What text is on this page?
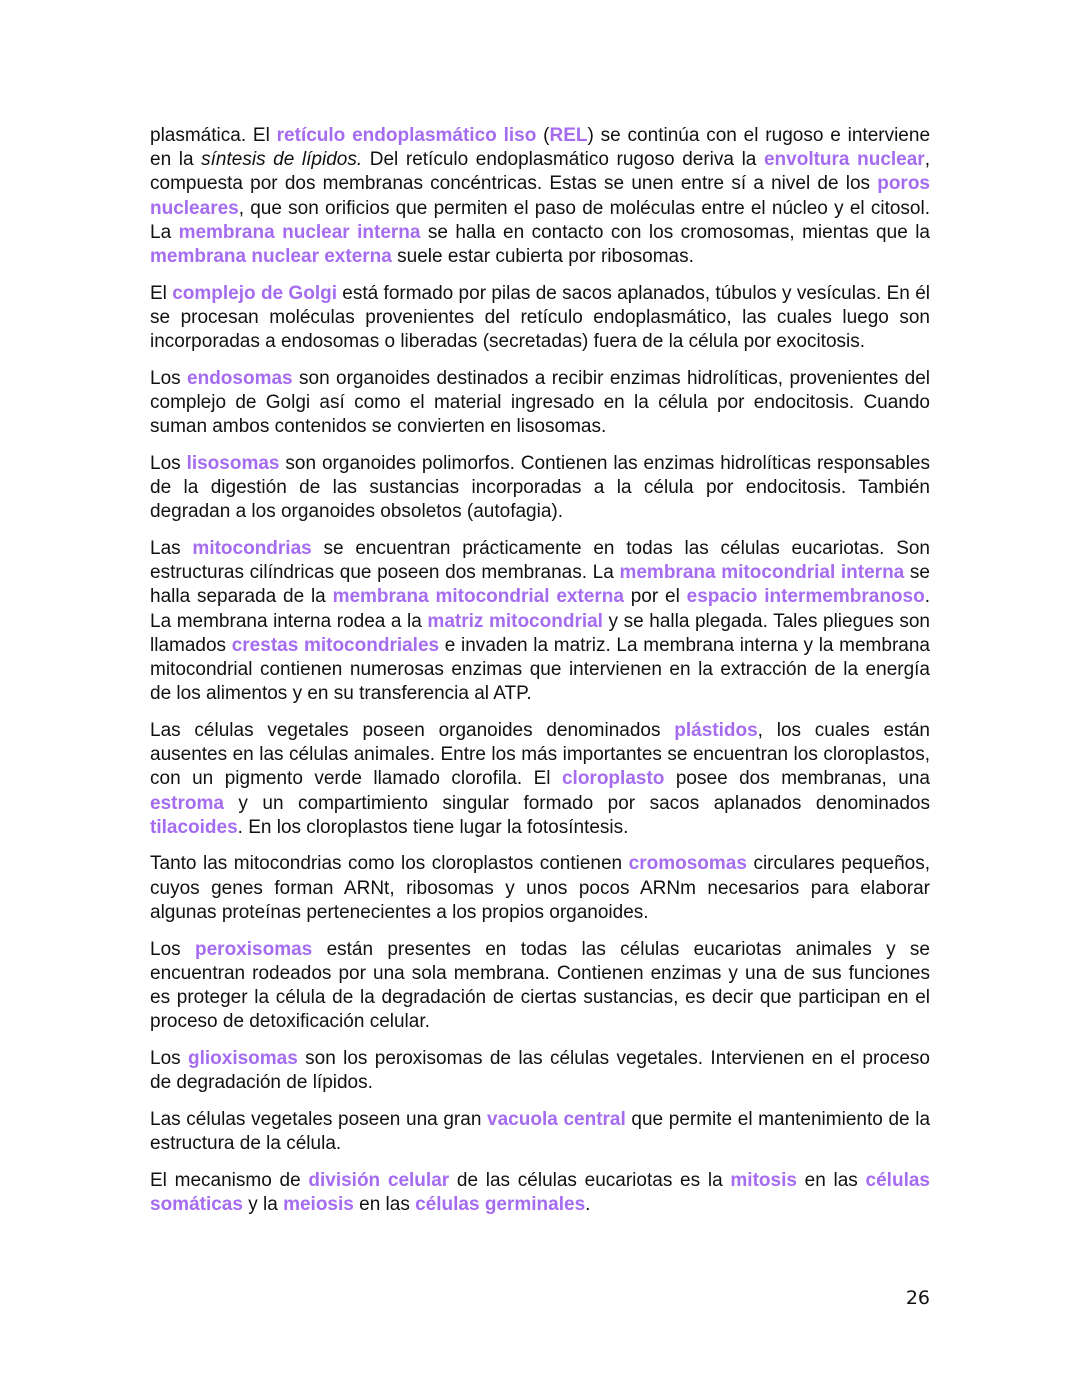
plasmática. El retículo endoplasmático liso (REL) se continúa con el rugoso e interviene en la síntesis de lípidos. Del retículo endoplasmático rugoso deriva la envoltura nuclear, compuesta por dos membranas concéntricas. Estas se unen entre sí a nivel de los poros nucleares, que son orificios que permiten el paso de moléculas entre el núcleo y el citosol. La membrana nuclear interna se halla en contacto con los cromosomas, mientas que la membrana nuclear externa suele estar cubierta por ribosomas.

El complejo de Golgi está formado por pilas de sacos aplanados, túbulos y vesículas. En él se procesan moléculas provenientes del retículo endoplasmático, las cuales luego son incorporadas a endosomas o liberadas (secretadas) fuera de la célula por exocitosis.

Los endosomas son organoides destinados a recibir enzimas hidrolíticas, provenientes del complejo de Golgi así como el material ingresado en la célula por endocitosis. Cuando suman ambos contenidos se convierten en lisosomas.

Los lisosomas son organoides polimorfos. Contienen las enzimas hidrolíticas responsables de la digestión de las sustancias incorporadas a la célula por endocitosis. También degradan a los organoides obsoletos (autofagia).

Las mitocondrias se encuentran prácticamente en todas las células eucariotas. Son estructuras cilíndricas que poseen dos membranas. La membrana mitocondrial interna se halla separada de la membrana mitocondrial externa por el espacio intermembranoso. La membrana interna rodea a la matriz mitocondrial y se halla plegada. Tales pliegues son llamados crestas mitocondriales e invaden la matriz. La membrana interna y la membrana mitocondrial contienen numerosas enzimas que intervienen en la extracción de la energía de los alimentos y en su transferencia al ATP.

Las células vegetales poseen organoides denominados plástidos, los cuales están ausentes en las células animales. Entre los más importantes se encuentran los cloroplastos, con un pigmento verde llamado clorofila. El cloroplasto posee dos membranas, una estroma y un compartimiento singular formado por sacos aplanados denominados tilacoides. En los cloroplastos tiene lugar la fotosíntesis.

Tanto las mitocondrias como los cloroplastos contienen cromosomas circulares pequeños, cuyos genes forman ARNt, ribosomas y unos pocos ARNm necesarios para elaborar algunas proteínas pertenecientes a los propios organoides.

Los peroxisomas están presentes en todas las células eucariotas animales y se encuentran rodeados por una sola membrana. Contienen enzimas y una de sus funciones es proteger la célula de la degradación de ciertas sustancias, es decir que participan en el proceso de detoxificación celular.

Los glioxisomas son los peroxisomas de las células vegetales. Intervienen en el proceso de degradación de lípidos.

Las células vegetales poseen una gran vacuola central que permite el mantenimiento de la estructura de la célula.

El mecanismo de división celular de las células eucariotas es la mitosis en las células somáticas y la meiosis en las células germinales.

26
